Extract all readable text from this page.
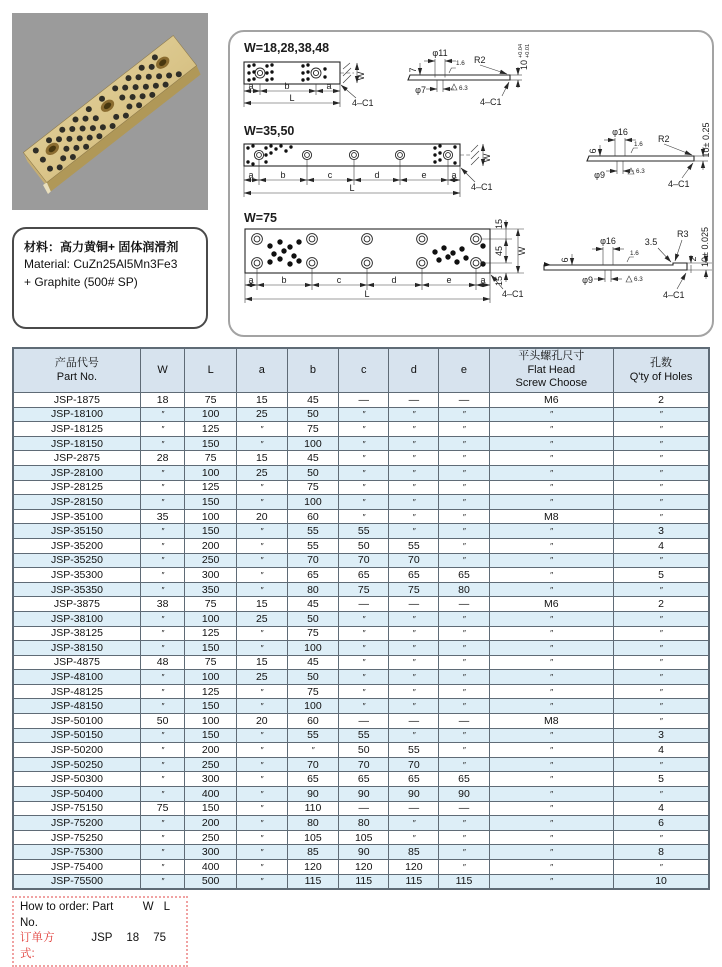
材料：高力黄铜+ 固体润滑剂
Material: CuZn25Al5Mn3Fe3
+ Graphite (500# SP)
W=18,28,38,48
W
a	b	a
L	4–C1
φ11
7
φ7
1.6
6.3
R2	10
+0.04 +0.01
4–C1
W=35,50
W
a	b	c	d	e	a
L	4–C1
φ16
6
φ9
1.6
6.3
R2	10± 0.25
4–C1
W=75	15
45
15
W
a	b	c	d	e	a
L	4–C1
φ16	3.5
R3
2 10± 0.025
6
φ9
1.6
6.3
4–C1
产品代号
Part No.

W	L	a	b	c	d	e

平头螺孔尺寸
Flat Head
Screw Choose

孔数
Q'ty of Holes

JSP-1875	18	75	15	45	—	—	—	M6	2
JSP-18100	″	100	25	50	″	″	″	″	″
JSP-18125	″	125	″	75	″	″	″	″	″
JSP-18150	″	150	″	100	″	″	″	″	″
JSP-2875	28	75	15	45	″	″	″	″	″
JSP-28100	″	100	25	50	″	″	″	″	″
JSP-28125	″	125	″	75	″	″	″	″	″
JSP-28150	″	150	″	100	″	″	″	″	″
JSP-35100	35	100	20	60	″	″	″	M8	″
JSP-35150	″	150	″	55	55	″	″	″	3
JSP-35200	″	200	″	55	50	55	″	″	4
JSP-35250	″	250	″	70	70	70	″	″	″
JSP-35300	″	300	″	65	65	65	65	″	5
JSP-35350	″	350	″	80	75	75	80	″	″
JSP-3875	38	75	15	45	—	—	—	M6	2
JSP-38100	″	100	25	50	″	″	″	″	″
JSP-38125	″	125	″	75	″	″	″	″	″
JSP-38150	″	150	″	100	″	″	″	″	″
JSP-4875	48	75	15	45	″	″	″	″	″
JSP-48100	″	100	25	50	″	″	″	″	″
JSP-48125	″	125	″	75	″	″	″	″	″
JSP-48150	″	150	″	100	″	″	″	″	″
JSP-50100	50	100	20	60	—	—	—	M8	″
JSP-50150	″	150	″	55	55	″	″	″	3
JSP-50200	″	200	″	″	50	55	″	″	4
JSP-50250	″	250	″	70	70	70	″	″	″
JSP-50300	″	300	″	65	65	65	65	″	5
JSP-50400	″	400	″	90	90	90	90	″	″
JSP-75150	75	150	″	110	—	—	—	″	4
JSP-75200	″	200	″	80	80	″	″	″	6
JSP-75250	″	250	″	105	105	″	″	″	″
JSP-75300	″	300	″	85	90	85	″	″	8
JSP-75400	″	400	″	120	120	120	″	″	″
JSP-75500	″	500	″	115	115	115	115	″	10
How to order: Part No.
W L
订单方式:
JSP 18 75
